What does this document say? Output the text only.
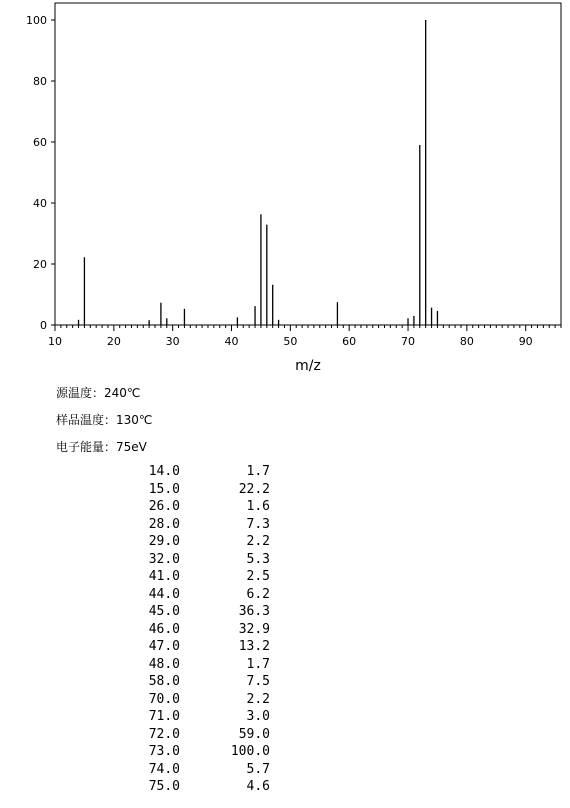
0
20
40
60
80
100
10	20	30	40	50	60	70	80	90
m/z
源温度：240℃
样品温度：130℃
电子能量：75eV
14.0	1.7
15.0	22.2
26.0	1.6
28.0	7.3
29.0	2.2
32.0	5.3
41.0	2.5
44.0	6.2
45.0	36.3
46.0	32.9
47.0	13.2
48.0	1.7
58.0	7.5
70.0	2.2
71.0	3.0
72.0	59.0
73.0	100.0
74.0	5.7
75.0	4.6
